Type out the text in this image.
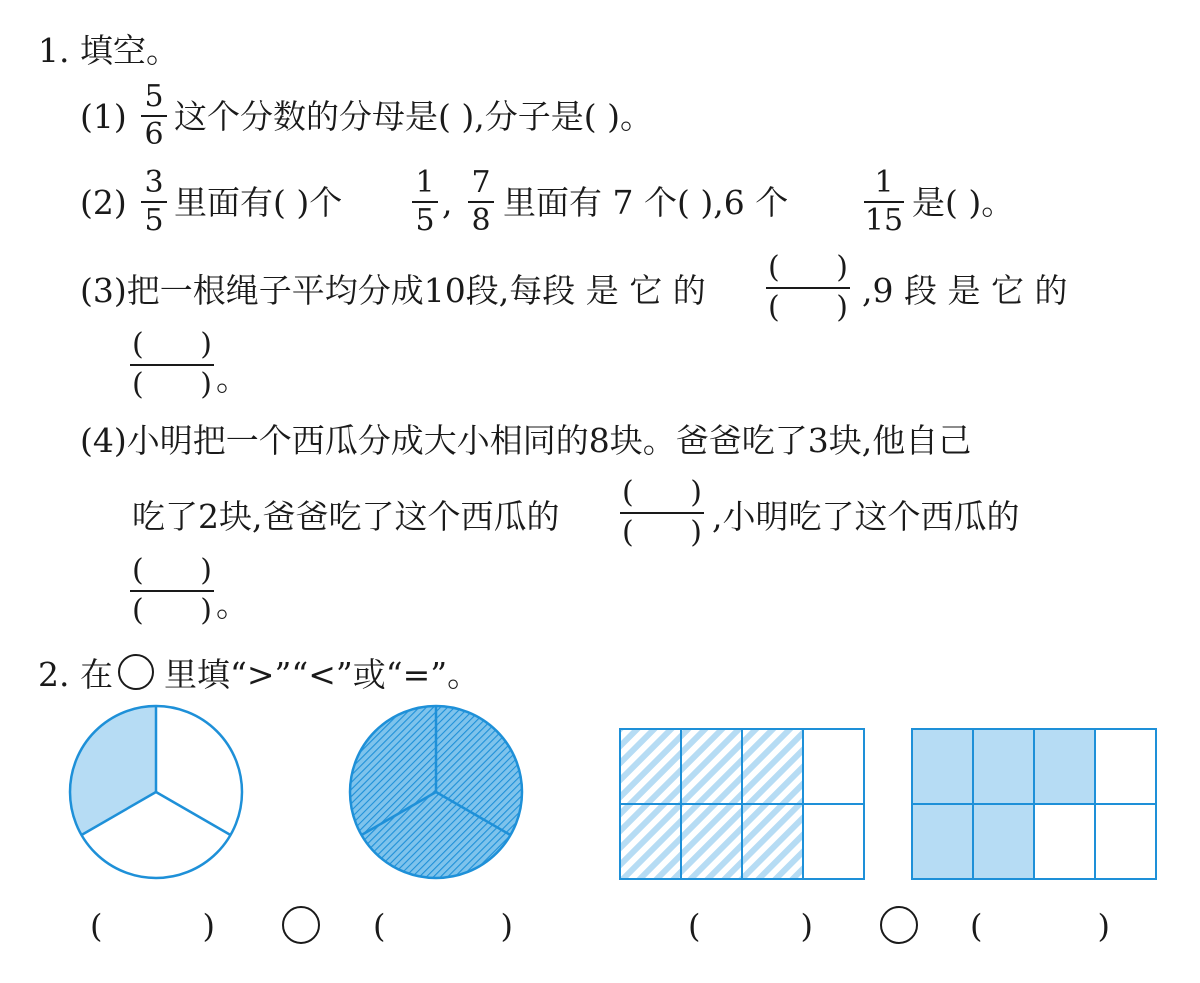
1. 填空。
(1)
5
6 这个分数的分母是( ),分子是( )。
(2)
3
5 里面有( )个
1
5 ,
7
8 里面有 7 个( ),6 个
1
15 是( )。
(3)把一根绳子平均分成10段,每段 是 它 的
( )
( ) ,9 段 是 它 的
( )
( ) 。
(4)小明把一个西瓜分成大小相同的8块。爸爸吃了3块,他自己
吃了2块,爸爸吃了这个西瓜的
( )
( ) ,小明吃了这个西瓜的
( )
( ) 。
2. 在 里填“>”“<”或“=”。
(	)	(	)	(	)	(	)
